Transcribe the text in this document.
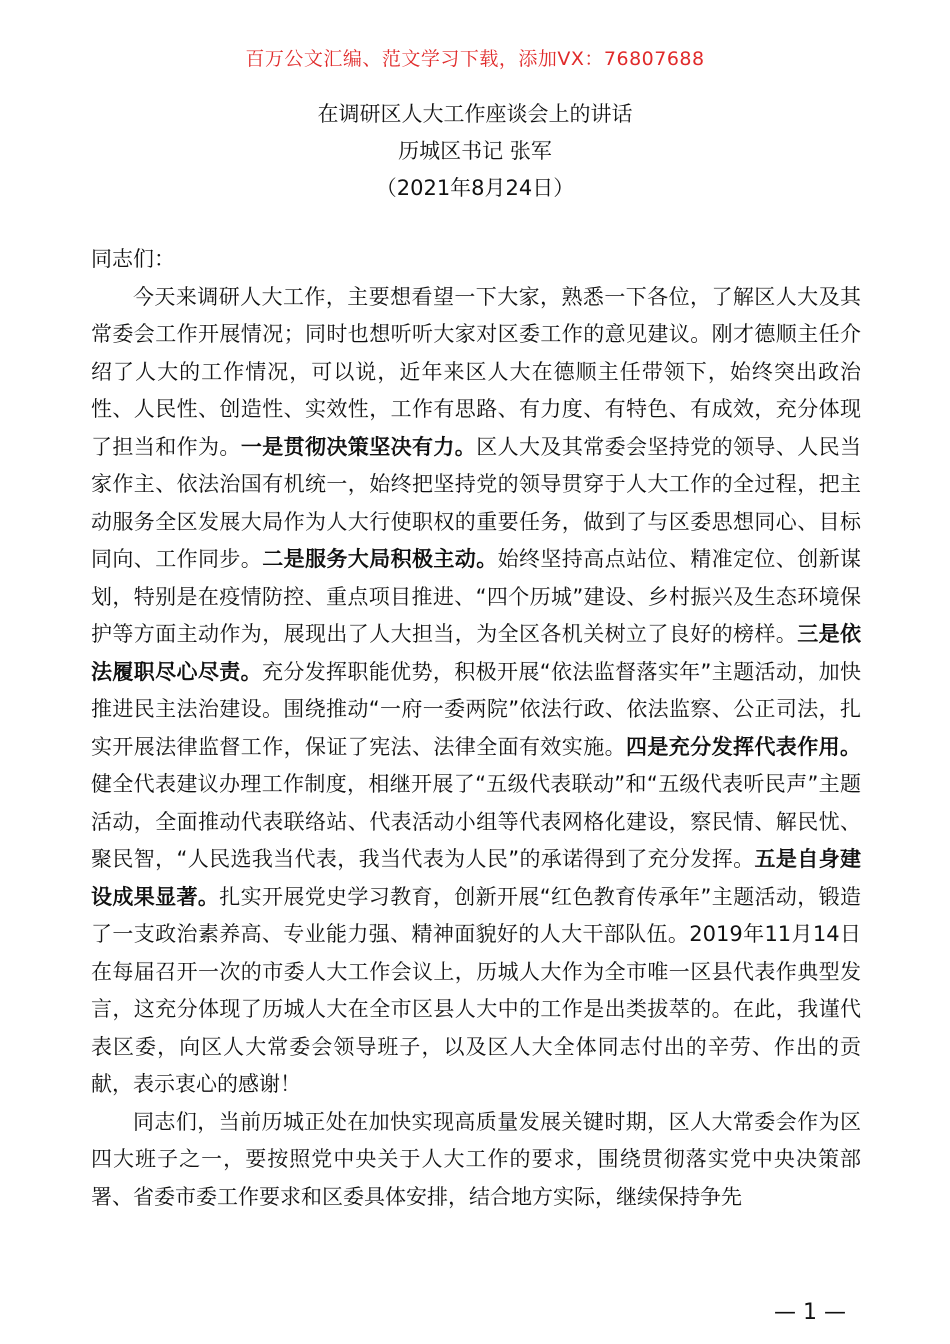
百万公文汇编、范文学习下载，添加VX：76807688
在调研区人大工作座谈会上的讲话
历城区书记 张军
（2021年8月24日）

同志们：

今天来调研人大工作，主要想看望一下大家，熟悉一下各位，了解区人大及其常委会工作开展情况；同时也想听听大家对区委工作的意见建议。刚才德顺主任介绍了人大的工作情况，可以说，近年来区人大在德顺主任带领下，始终突出政治性、人民性、创造性、实效性，工作有思路、有力度、有特色、有成效，充分体现了担当和作为。一是贯彻决策坚决有力。区人大及其常委会坚持党的领导、人民当家作主、依法治国有机统一，始终把坚持党的领导贯穿于人大工作的全过程，把主动服务全区发展大局作为人大行使职权的重要任务，做到了与区委思想同心、目标同向、工作同步。二是服务大局积极主动。始终坚持高点站位、精准定位、创新谋划，特别是在疫情防控、重点项目推进、“四个历城”建设、乡村振兴及生态环境保护等方面主动作为，展现出了人大担当，为全区各机关树立了良好的榜样。三是依法履职尽心尽责。充分发挥职能优势，积极开展“依法监督落实年”主题活动，加快推进民主法治建设。围绕推动“一府一委两院”依法行政、依法监察、公正司法，扎实开展法律监督工作，保证了宪法、法律全面有效实施。四是充分发挥代表作用。健全代表建议办理工作制度，相继开展了“五级代表联动”和“五级代表听民声”主题活动，全面推动代表联络站、代表活动小组等代表网格化建设，察民情、解民忧、聚民智，“人民选我当代表，我当代表为人民”的承诺得到了充分发挥。五是自身建设成果显著。扎实开展党史学习教育，创新开展“红色教育传承年”主题活动，锻造了一支政治素养高、专业能力强、精神面貌好的人大干部队伍。2019年11月14日在每届召开一次的市委人大工作会议上，历城人大作为全市唯一区县代表作典型发言，这充分体现了历城人大在全市区县人大中的工作是出类拔萃的。在此，我谨代表区委，向区人大常委会领导班子，以及区人大全体同志付出的辛劳、作出的贡献，表示衷心的感谢！

同志们，当前历城正处在加快实现高质量发展关键时期，区人大常委会作为区四大班子之一，要按照党中央关于人大工作的要求，围绕贯彻落实党中央决策部署、省委市委工作要求和区委具体安排，结合地方实际，继续保持争先

— 1 —
